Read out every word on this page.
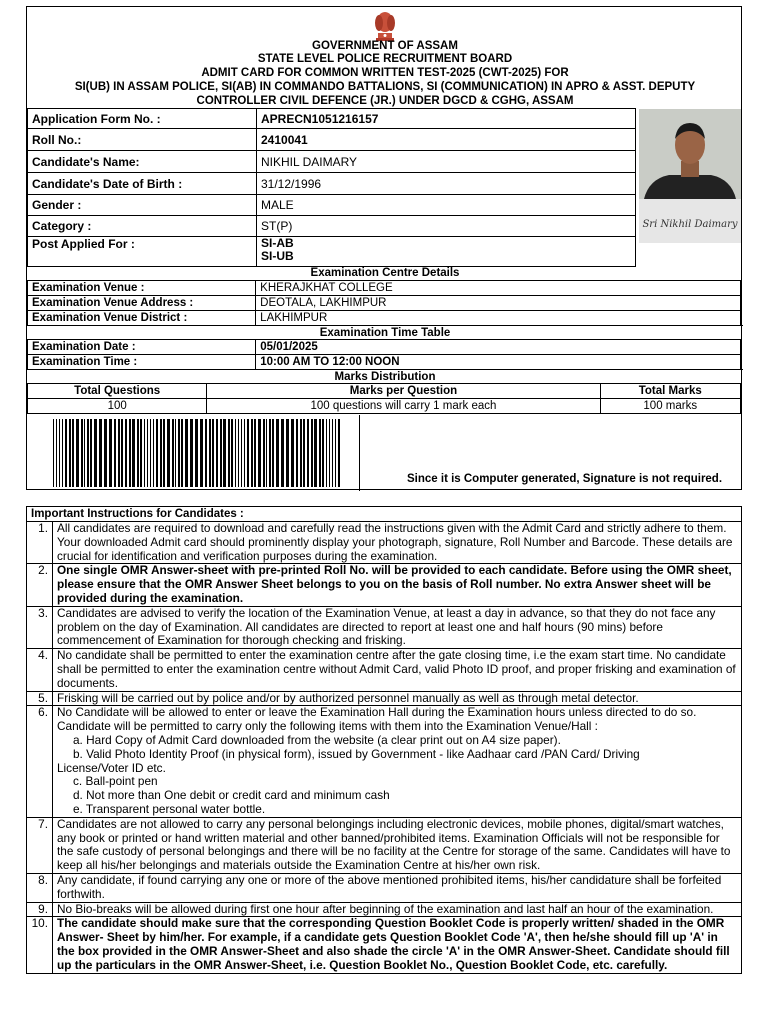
GOVERNMENT OF ASSAM
STATE LEVEL POLICE RECRUITMENT BOARD
ADMIT CARD FOR COMMON WRITTEN TEST-2025 (CWT-2025) FOR
SI(UB) IN ASSAM POLICE, SI(AB) IN COMMANDO BATTALIONS, SI (COMMUNICATION) IN APRO & ASST. DEPUTY
CONTROLLER CIVIL DEFENCE (JR.) UNDER DGCD & CGHG, ASSAM
Application Form No. :	APRECN1051216157
Roll No.:	2410041
Candidate's Name:	NIKHIL DAIMARY
Candidate's Date of Birth :	31/12/1996
Gender :	MALE
Category :	ST(P)
Post Applied For :	SI-AB
SI-UB
Sri Nikhil Daimary
Examination Centre Details
Examination Venue :	KHERAJKHAT COLLEGE
Examination Venue Address :	DEOTALA, LAKHIMPUR
Examination Venue District :	LAKHIMPUR
Examination Time Table
Examination Date :	05/01/2025
Examination Time :	10:00 AM TO 12:00 NOON
Marks Distribution
Total Questions	Marks per Question	Total Marks
100	100 questions will carry 1 mark each	100 marks
Since it is Computer generated, Signature is not required.
Important Instructions for Candidates :
1. All candidates are required to download and carefully read the instructions given with the Admit Card and strictly adhere to them. Your downloaded Admit card should prominently display your photograph, signature, Roll Number and Barcode. These details are crucial for identification and verification purposes during the examination.
2. One single OMR Answer-sheet with pre-printed Roll No. will be provided to each candidate. Before using the OMR sheet, please ensure that the OMR Answer Sheet belongs to you on the basis of Roll number. No extra Answer sheet will be provided during the examination.
3. Candidates are advised to verify the location of the Examination Venue, at least a day in advance, so that they do not face any problem on the day of Examination. All candidates are directed to report at least one and half hours (90 mins) before commencement of Examination for thorough checking and frisking.
4. No candidate shall be permitted to enter the examination centre after the gate closing time, i.e the exam start time. No candidate shall be permitted to enter the examination centre without Admit Card, valid Photo ID proof, and proper frisking and examination of documents.
5. Frisking will be carried out by police and/or by authorized personnel manually as well as through metal detector.
6. No Candidate will be allowed to enter or leave the Examination Hall during the Examination hours unless directed to do so. Candidate will be permitted to carry only the following items with them into the Examination Venue/Hall :
a. Hard Copy of Admit Card downloaded from the website (a clear print out on A4 size paper).
b. Valid Photo Identity Proof (in physical form), issued by Government - like Aadhaar card /PAN Card/ Driving
License/Voter ID etc.
c. Ball-point pen
d. Not more than One debit or credit card and minimum cash
e. Transparent personal water bottle.
7. Candidates are not allowed to carry any personal belongings including electronic devices, mobile phones, digital/smart watches, any book or printed or hand written material and other banned/prohibited items. Examination Officials will not be responsible for the safe custody of personal belongings and there will be no facility at the Centre for storage of the same. Candidates will have to keep all his/her belongings and materials outside the Examination Centre at his/her own risk.
8. Any candidate, if found carrying any one or more of the above mentioned prohibited items, his/her candidature shall be forfeited forthwith.
9. No Bio-breaks will be allowed during first one hour after beginning of the examination and last half an hour of the examination.
10. The candidate should make sure that the corresponding Question Booklet Code is properly written/ shaded in the OMR Answer- Sheet by him/her. For example, if a candidate gets Question Booklet Code 'A', then he/she should fill up 'A' in the box provided in the OMR Answer-Sheet and also shade the circle 'A' in the OMR Answer-Sheet. Candidate should fill up the particulars in the OMR Answer-Sheet, i.e. Question Booklet No., Question Booklet Code, etc. carefully.
